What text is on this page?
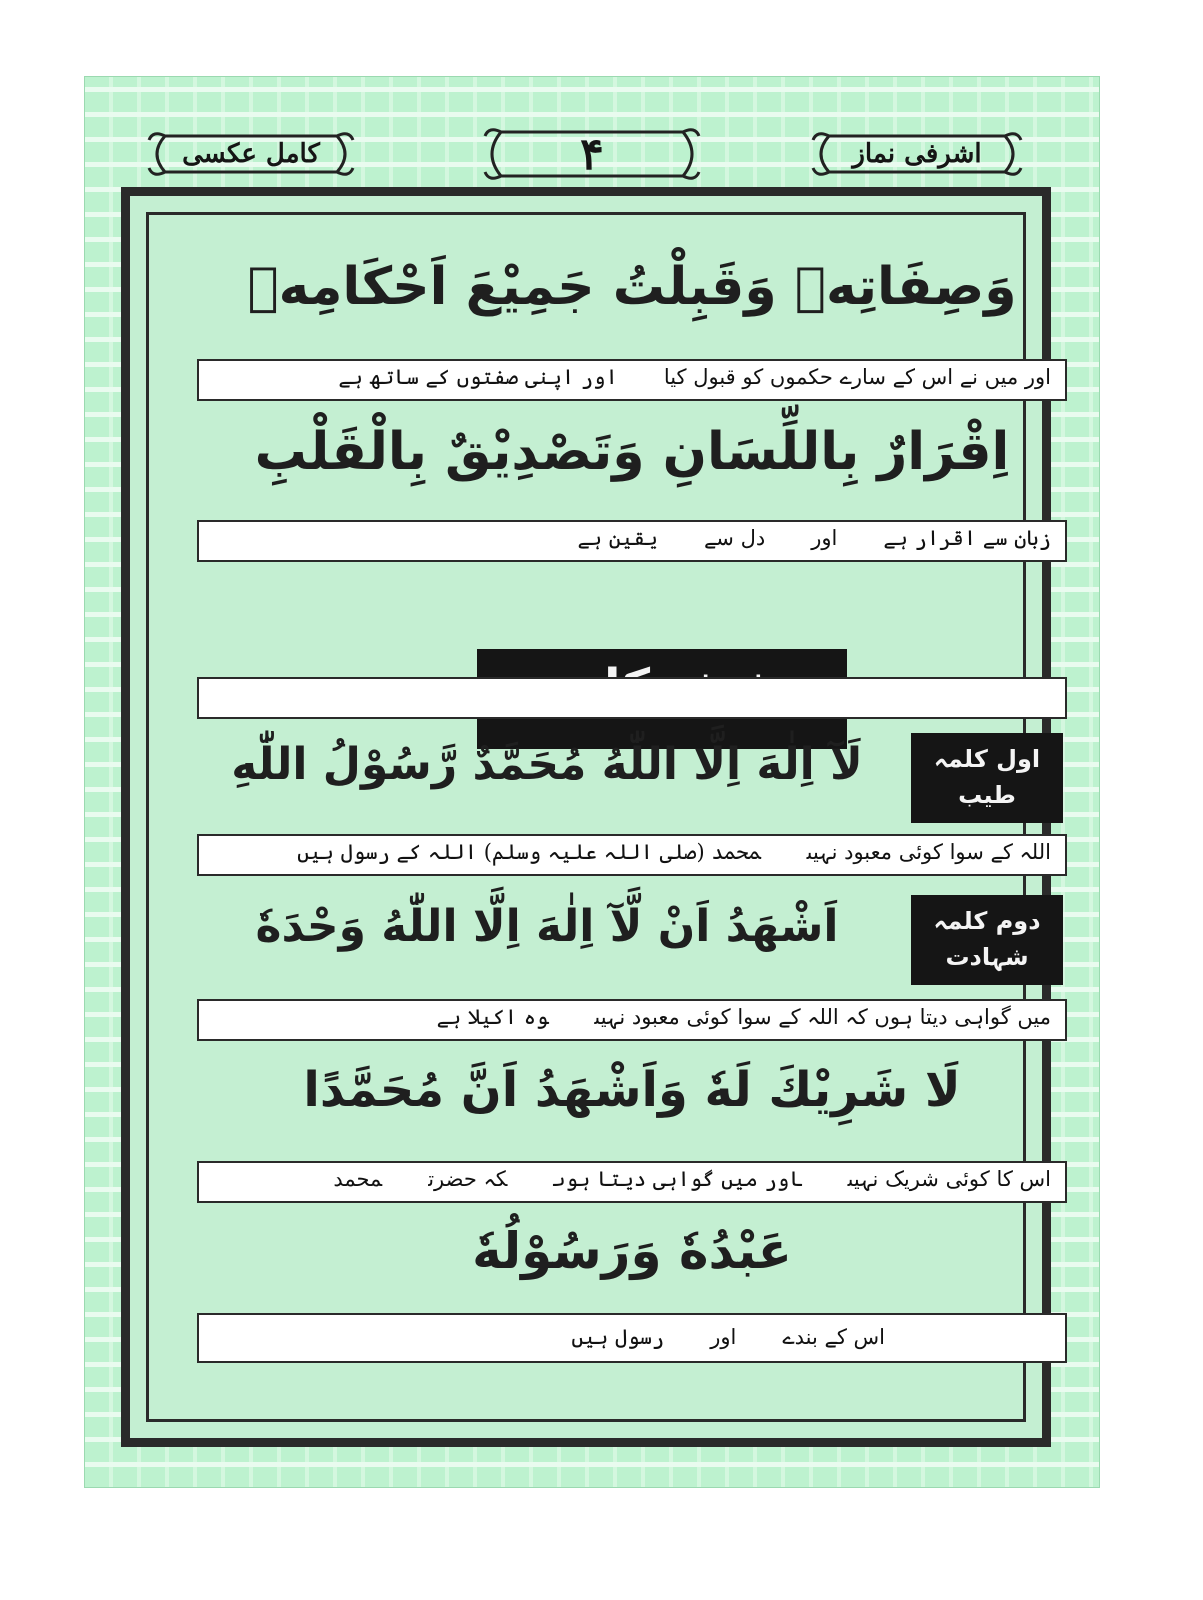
اشرفی نماز
۴
کامل عکسی
وَصِفَاتِهٖ وَقَبِلْتُ جَمِيْعَ اَحْكَامِهٖ
اور میں نے اس کے سارے حکموں کو قبول کیااور اپنی صفتوں کے ساتھ ہے
اِقْرَارٌ بِاللِّسَانِ وَتَصْدِيْقٌ بِالْقَلْبِ
زبان سے اقرار ہےاوردل سےیقین ہے
اول کلمہ
طیب
لَآ اِلٰهَ اِلَّا اللّٰهُ مُحَمَّدٌ رَّسُوْلُ اللّٰهِ
اللہ کے سوا کوئی معبود نہیںمحمد (صلی اللہ علیہ وسلم) اللہ کے رسول ہیں
دوم کلمہ
شہادت
اَشْهَدُ اَنْ لَّآ اِلٰهَ اِلَّا اللّٰهُ وَحْدَهٗ
میں گواہی دیتا ہوں کہ اللہ کے سوا کوئی معبود نہیںوہ اکیلا ہے
لَا شَرِيْكَ لَهٗ وَاَشْهَدُ اَنَّ مُحَمَّدًا
اس کا کوئی شریک نہیںاور میں گواہی دیتا ہوںکہ حضرتمحمد
عَبْدُهٗ وَرَسُوْلُهٗ
اس کے بندےاوررسول ہیں
